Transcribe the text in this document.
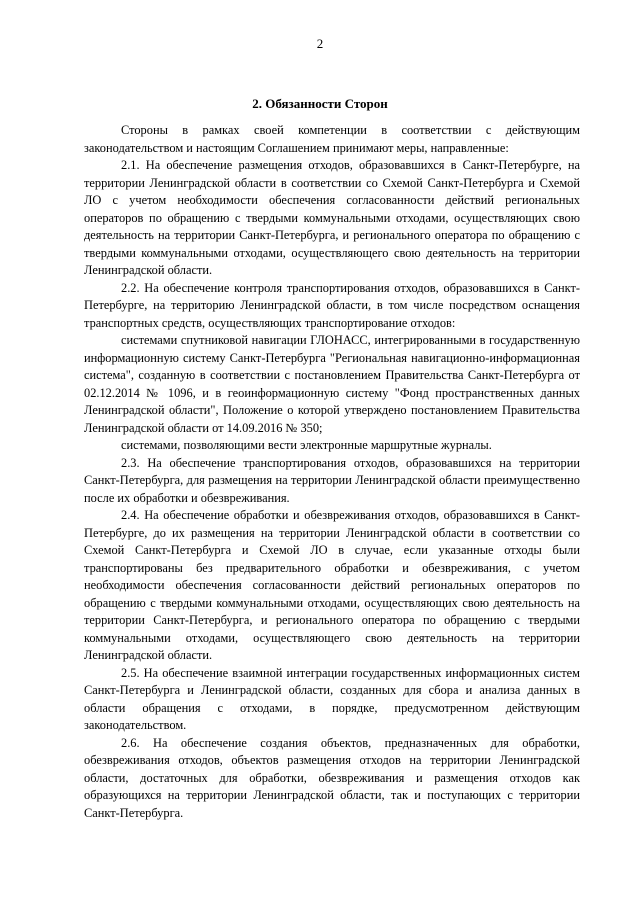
2
2. Обязанности Сторон

Стороны в рамках своей компетенции в соответствии с действующим законодательством и настоящим Соглашением принимают меры, направленные:

2.1. На обеспечение размещения отходов, образовавшихся в Санкт-Петербурге, на территории Ленинградской области в соответствии со Схемой Санкт-Петербурга и Схемой ЛО с учетом необходимости обеспечения согласованности действий региональных операторов по обращению с твердыми коммунальными отходами, осуществляющих свою деятельность на территории Санкт-Петербурга, и регионального оператора по обращению с твердыми коммунальными отходами, осуществляющего свою деятельность на территории Ленинградской области.

2.2. На обеспечение контроля транспортирования отходов, образовавшихся в Санкт-Петербурге, на территорию Ленинградской области, в том числе посредством оснащения транспортных средств, осуществляющих транспортирование отходов:

системами спутниковой навигации ГЛОНАСС, интегрированными в государственную информационную систему Санкт-Петербурга "Региональная навигационно-информационная система", созданную в соответствии с постановлением Правительства Санкт-Петербурга от 02.12.2014 № 1096, и в геоинформационную систему "Фонд пространственных данных Ленинградской области", Положение о которой утверждено постановлением Правительства Ленинградской области от 14.09.2016 № 350;

системами, позволяющими вести электронные маршрутные журналы.

2.3. На обеспечение транспортирования отходов, образовавшихся на территории Санкт-Петербурга, для размещения на территории Ленинградской области преимущественно после их обработки и обезвреживания.

2.4. На обеспечение обработки и обезвреживания отходов, образовавшихся в Санкт-Петербурге, до их размещения на территории Ленинградской области в соответствии со Схемой Санкт-Петербурга и Схемой ЛО в случае, если указанные отходы были транспортированы без предварительного обработки и обезвреживания, с учетом необходимости обеспечения согласованности действий региональных операторов по обращению с твердыми коммунальными отходами, осуществляющих свою деятельность на территории Санкт-Петербурга, и регионального оператора по обращению с твердыми коммунальными отходами, осуществляющего свою деятельность на территории Ленинградской области.

2.5. На обеспечение взаимной интеграции государственных информационных систем Санкт-Петербурга и Ленинградской области, созданных для сбора и анализа данных в области обращения с отходами, в порядке, предусмотренном действующим законодательством.

2.6. На обеспечение создания объектов, предназначенных для обработки, обезвреживания отходов, объектов размещения отходов на территории Ленинградской области, достаточных для обработки, обезвреживания и размещения отходов как образующихся на территории Ленинградской области, так и поступающих с территории Санкт-Петербурга.
